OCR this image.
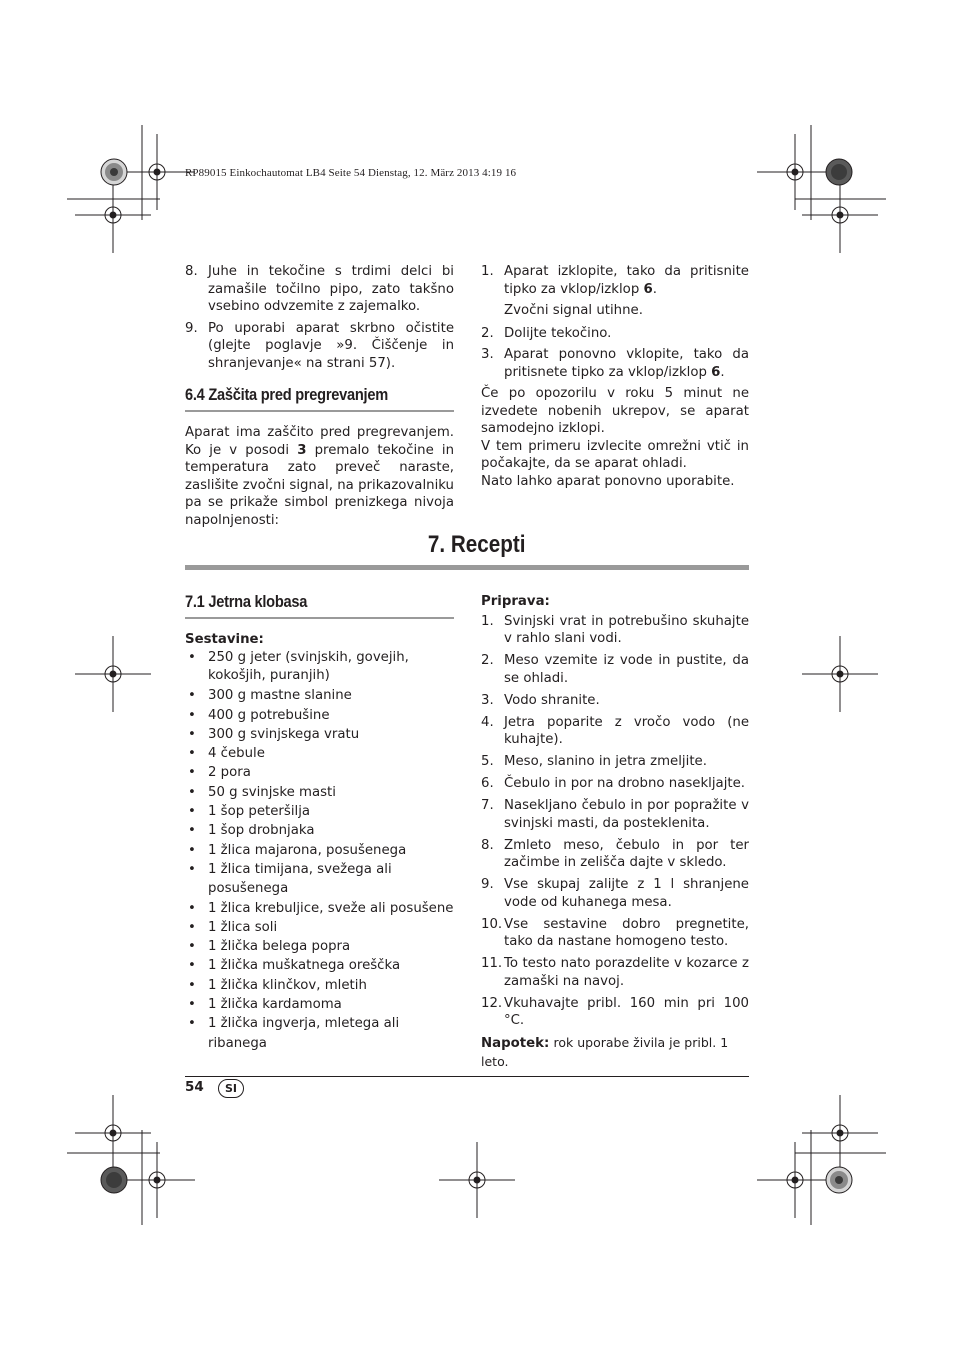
RP89015 Einkochautomat LB4 Seite 54 Dienstag, 12. März 2013 4:19 16
8. Juhe in tekočine s trdimi delci bi zamašile točilno pipo, zato takšno vsebino odvzemite z zajemalko.
9. Po uporabi aparat skrbno očistite (glejte poglavje »9. Čiščenje in shranjevanje« na strani 57).
6.4 Zaščita pred pregrevanjem
Aparat ima zaščito pred pregrevanjem. Ko je v posodi 3 premalo tekočine in temperatura zato preveč naraste, zaslišite zvočni signal, na prikazovalniku pa se prikaže simbol prenizkega nivoja napolnjenosti:
1. Aparat izklopite, tako da pritisnite tipko za vklop/izklop 6.
Zvočni signal utihne.
2. Dolijte tekočino.
3. Aparat ponovno vklopite, tako da pritisnete tipko za vklop/izklop 6.

Če po opozorilu v roku 5 minut ne izvedete nobenih ukrepov, se aparat samodejno izklopi.

V tem primeru izvlecite omrežni vtič in počakajte, da se aparat ohladi.

Nato lahko aparat ponovno uporabite.

7. Recepti
7.1 Jetrna klobasa
Sestavine:
• 250 g jeter (svinjskih, govejih, kokošjih, puranjih)
• 300 g mastne slanine
• 400 g potrebušine
• 300 g svinjskega vratu
• 4 čebule
• 2 pora
• 50 g svinjske masti
• 1 šop peteršilja
• 1 šop drobnjaka
• 1 žlica majarona, posušenega
• 1 žlica timijana, svežega ali posušenega
• 1 žlica krebuljice, sveže ali posušene
• 1 žlica soli
• 1 žlička belega popra
• 1 žlička muškatnega oreščka
• 1 žlička klinčkov, mletih
• 1 žlička kardamoma
• 1 žlička ingverja, mletega ali ribanega
Priprava:
1. Svinjski vrat in potrebušino skuhajte v rahlo slani vodi.
2. Meso vzemite iz vode in pustite, da se ohladi.
3. Vodo shranite.
4. Jetra poparite z vročo vodo (ne kuhajte).
5. Meso, slanino in jetra zmeljite.
6. Čebulo in por na drobno nasekljajte.
7. Nasekljano čebulo in por popražite v svinjski masti, da posteklenita.
8. Zmleto meso, čebulo in por ter začimbe in zelišča dajte v skledo.
9. Vse skupaj zalijte z 1 l shranjene vode od kuhanega mesa.
10. Vse sestavine dobro pregnetite, tako da nastane homogeno testo.
11. To testo nato porazdelite v kozarce z zamaški na navoj.
12. Vkuhavajte pribl. 160 min pri 100 °C.
Napotek: rok uporabe živila je pribl. 1 leto.
54	SI
